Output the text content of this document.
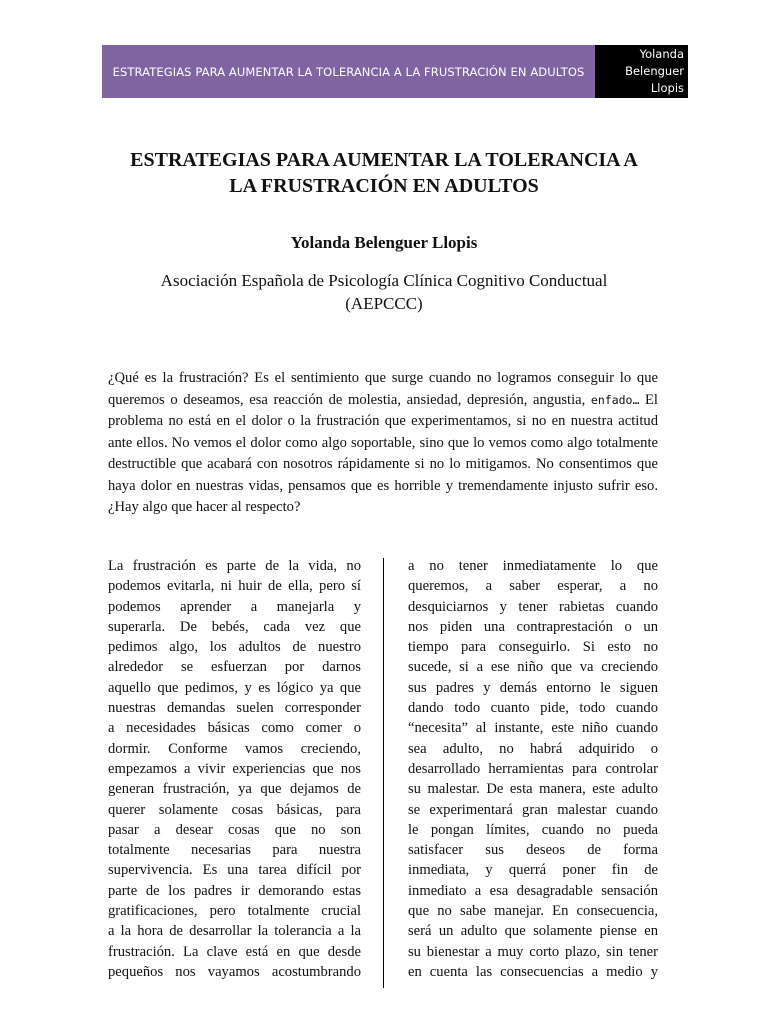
ESTRATEGIAS PARA AUMENTAR LA TOLERANCIA A LA FRUSTRACIÓN EN ADULTOS
Yolanda
Belenguer
Llopis
ESTRATEGIAS PARA AUMENTAR LA TOLERANCIA A
LA FRUSTRACIÓN EN ADULTOS
Yolanda Belenguer Llopis
Asociación Española de Psicología Clínica Cognitivo Conductual
(AEPCCC)

¿Qué es la frustración? Es el sentimiento que surge cuando no logramos conseguir lo que queremos o deseamos, esa reacción de molestia, ansiedad, depresión, angustia, enfado… El problema no está en el dolor o la frustración que experimentamos, si no en nuestra actitud ante ellos. No vemos el dolor como algo soportable, sino que lo vemos como algo totalmente destructible que acabará con nosotros rápidamente si no lo mitigamos. No consentimos que haya dolor en nuestras vidas, pensamos que es horrible y tremendamente injusto sufrir eso. ¿Hay algo que hacer al respecto?

La frustración es parte de la vida, no
podemos evitarla, ni huir de ella, pero sí
podemos aprender a manejarla y
superarla. De bebés, cada vez que
pedimos algo, los adultos de nuestro
alrededor se esfuerzan por darnos
aquello que pedimos, y es lógico ya que
nuestras demandas suelen corresponder
a necesidades básicas como comer o
dormir. Conforme vamos creciendo,
empezamos a vivir experiencias que nos
generan frustración, ya que dejamos de
querer solamente cosas básicas, para
pasar a desear cosas que no son
totalmente necesarias para nuestra
supervivencia. Es una tarea difícil por
parte de los padres ir demorando estas
gratificaciones, pero totalmente crucial
a la hora de desarrollar la tolerancia a la
frustración. La clave está en que desde
pequeños nos vayamos acostumbrando
a no tener inmediatamente lo que
queremos, a saber esperar, a no
desquiciarnos y tener rabietas cuando
nos piden una contraprestación o un
tiempo para conseguirlo. Si esto no
sucede, si a ese niño que va creciendo
sus padres y demás entorno le siguen
dando todo cuanto pide, todo cuando
“necesita” al instante, este niño cuando
sea adulto, no habrá adquirido o
desarrollado herramientas para controlar
su malestar. De esta manera, este adulto
se experimentará gran malestar cuando
le pongan límites, cuando no pueda
satisfacer sus deseos de forma
inmediata, y querrá poner fin de
inmediato a esa desagradable sensación
que no sabe manejar. En consecuencia,
será un adulto que solamente piense en
su bienestar a muy corto plazo, sin tener
en cuenta las consecuencias a medio y
